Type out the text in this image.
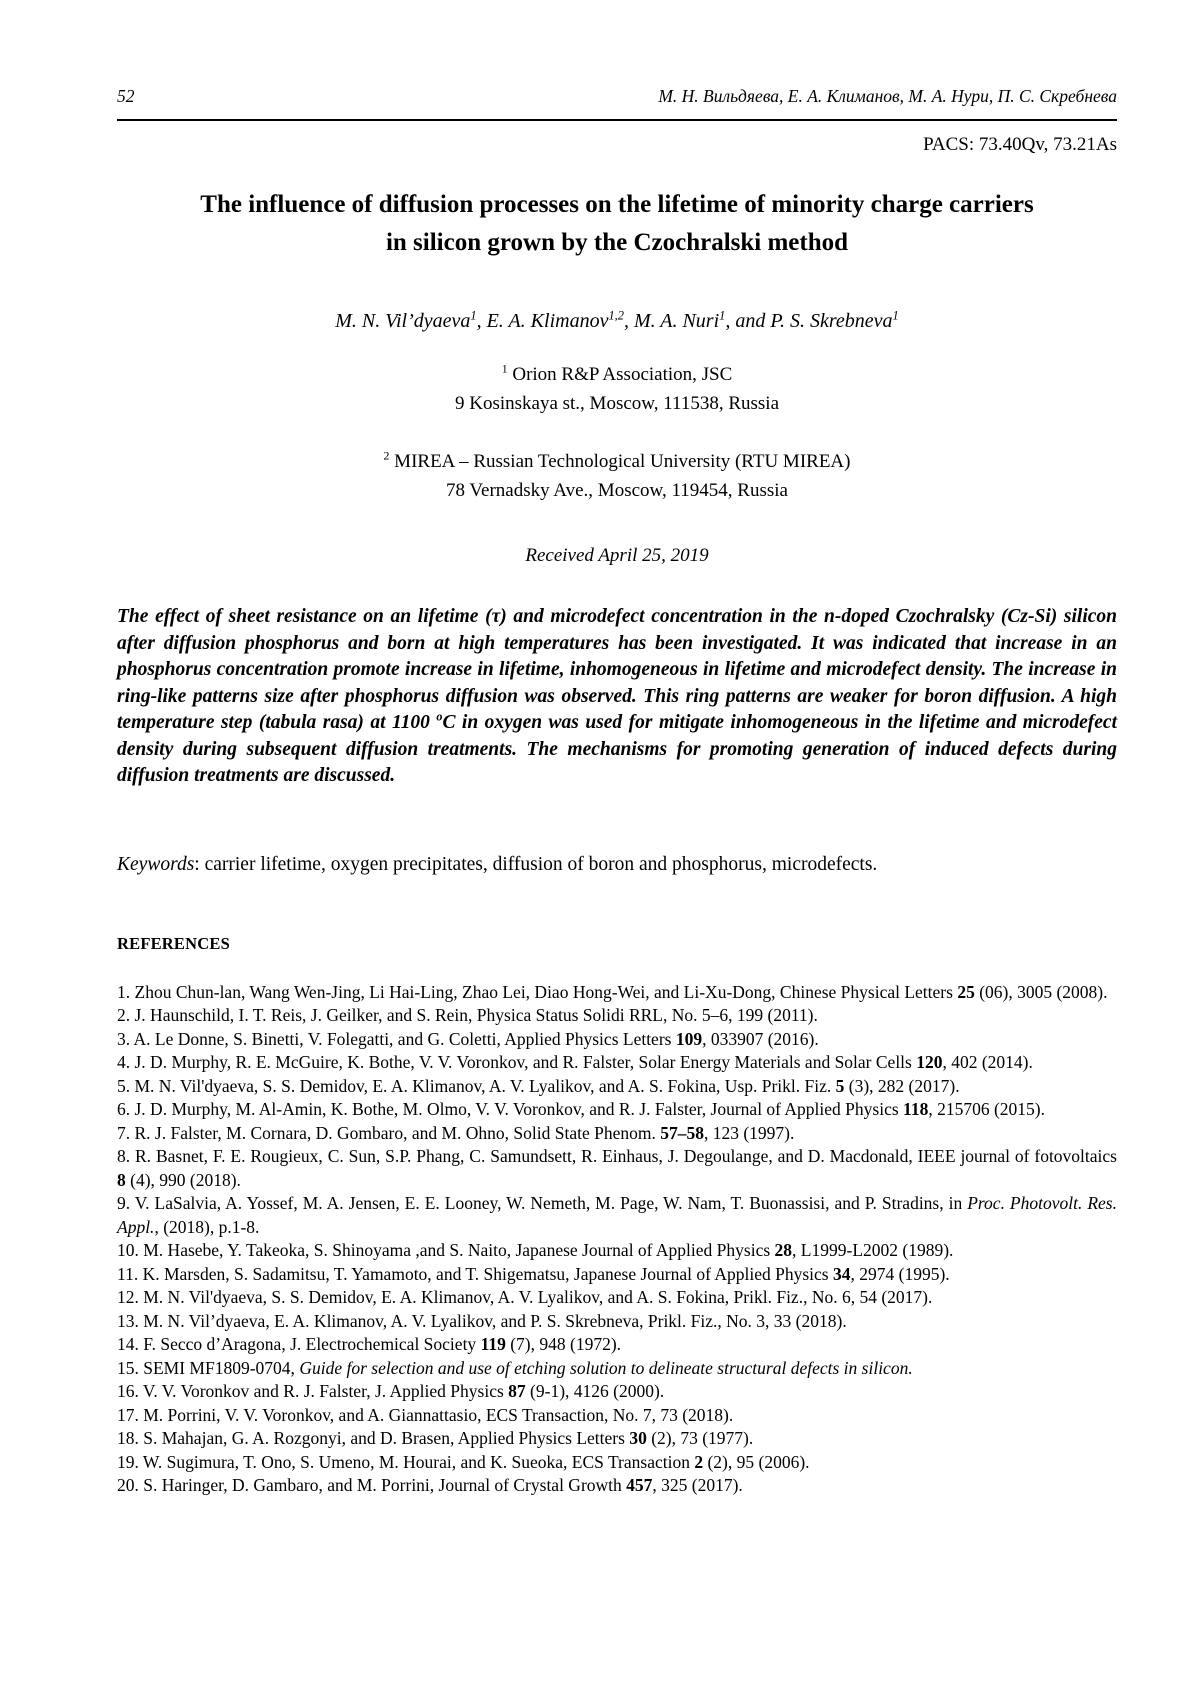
52	М. Н. Вильдяева, Е. А. Климанов, М. А. Нури, П. С. Скребнева
PACS: 73.40Qv, 73.21As
The influence of diffusion processes on the lifetime of minority charge carriers
in silicon grown by the Czochralski method
M. N. Vil’dyaeva$^1$, E. A. Klimanov$^{1,2}$, M. A. Nuri$^1$, and P. S. Skrebneva$^1$
$^1$ Orion R&P Association, JSC
9 Kosinskaya st., Moscow, 111538, Russia
$^2$ MIREA – Russian Technological University (RTU MIREA)
78 Vernadsky Ave., Moscow, 119454, Russia
Received April 25, 2019
The effect of sheet resistance on an lifetime (τ) and microdefect concentration in the n-doped Czochralsky (Cz-Si) silicon after diffusion phosphorus and born at high temperatures has been investigated. It was indicated that increase in an phosphorus concentration promote increase in lifetime, inhomogeneous in lifetime and microdefect density. The increase in ring-like patterns size after phosphorus diffusion was observed. This ring patterns are weaker for boron diffusion. A high temperature step (tabula rasa) at 1100 $^o$C in oxygen was used for mitigate inhomogeneous in the lifetime and microdefect density during subsequent diffusion treatments. The mechanisms for promoting generation of induced defects during diffusion treatments are discussed.
Keywords: carrier lifetime, oxygen precipitates, diffusion of boron and phosphorus, microdefects.
REFERENCES
1. Zhou Chun-lan, Wang Wen-Jing, Li Hai-Ling, Zhao Lei, Diao Hong-Wei, and Li-Xu-Dong, Chinese Physical Letters 25 (06), 3005 (2008).
2. J. Haunschild, I. T. Reis, J. Geilker, and S. Rein, Physica Status Solidi RRL, No. 5–6, 199 (2011).
3. A. Le Donne, S. Binetti, V. Folegatti, and G. Coletti, Applied Physics Letters 109, 033907 (2016).
4. J. D. Murphy, R. E. McGuire, K. Bothe, V. V. Voronkov, and R. Falster, Solar Energy Materials and Solar Cells 120, 402 (2014).
5. M. N. Vil'dyaeva, S. S. Demidov, E. A. Klimanov, A. V. Lyalikov, and A. S. Fokina, Usp. Prikl. Fiz. 5 (3), 282 (2017).
6. J. D. Murphy, M. Al-Amin, K. Bothe, M. Olmo, V. V. Voronkov, and R. J. Falster, Journal of Applied Physics 118, 215706 (2015).
7. R. J. Falster, M. Cornara, D. Gombaro, and M. Ohno, Solid State Phenom. 57–58, 123 (1997).
8. R. Basnet, F. E. Rougieux, C. Sun, S.P. Phang, C. Samundsett, R. Einhaus, J. Degoulange, and D. Macdonald, IEEE journal of fotovoltaics 8 (4), 990 (2018).
9. V. LaSalvia, A. Yossef, M. A. Jensen, E. E. Looney, W. Nemeth, M. Page, W. Nam, T. Buonassisi, and P. Stradins, in Proc. Photovolt. Res. Appl., (2018), p.1-8.
10. M. Hasebe, Y. Takeoka, S. Shinoyama ,and S. Naito, Japanese Journal of Applied Physics 28, L1999-L2002 (1989).
11. K. Marsden, S. Sadamitsu, T. Yamamoto, and T. Shigematsu, Japanese Journal of Applied Physics 34, 2974 (1995).
12. M. N. Vil'dyaeva, S. S. Demidov, E. A. Klimanov, A. V. Lyalikov, and A. S. Fokina, Prikl. Fiz., No. 6, 54 (2017).
13. M. N. Vil’dyaeva, E. A. Klimanov, A. V. Lyalikov, and P. S. Skrebneva, Prikl. Fiz., No. 3, 33 (2018).
14. F. Secco d’Aragona, J. Electrochemical Society 119 (7), 948 (1972).
15. SEMI MF1809-0704, Guide for selection and use of etching solution to delineate structural defects in silicon.
16. V. V. Voronkov and R. J. Falster, J. Applied Physics 87 (9-1), 4126 (2000).
17. M. Porrini, V. V. Voronkov, and A. Giannattasio, ECS Transaction, No. 7, 73 (2018).
18. S. Mahajan, G. A. Rozgonyi, and D. Brasen, Applied Physics Letters 30 (2), 73 (1977).
19. W. Sugimura, T. Ono, S. Umeno, M. Hourai, and K. Sueoka, ECS Transaction 2 (2), 95 (2006).
20. S. Haringer, D. Gambaro, and M. Porrini, Journal of Crystal Growth 457, 325 (2017).
